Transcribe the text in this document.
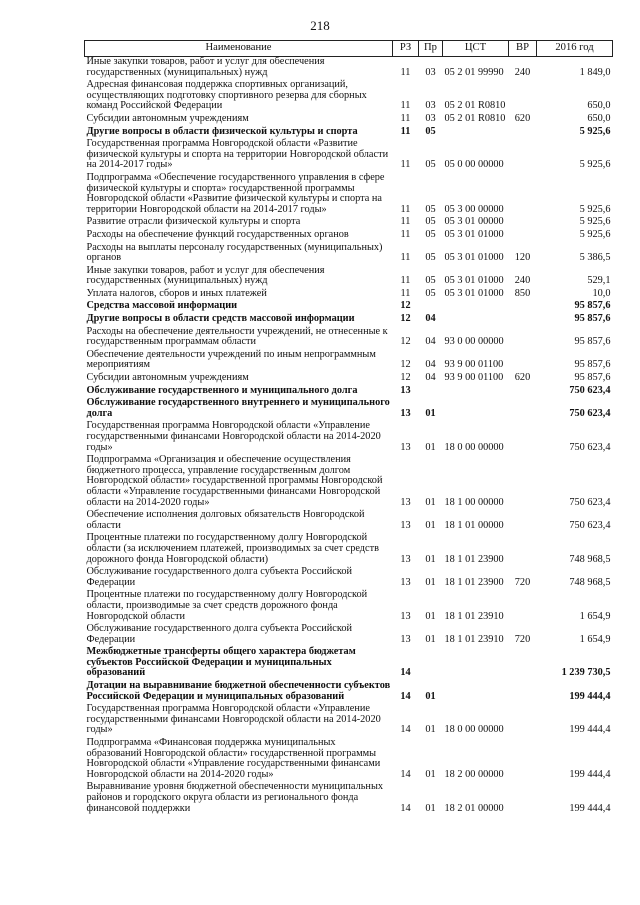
218
Наименование	РЗ	Пр	ЦСТ	ВР	2016 год
Иные закупки товаров, работ и услуг для обеспечения государственных (муниципальных) нужд	11	03	05 2 01 99990	240	1 849,0
Адресная финансовая поддержка спортивных организаций, осуществляющих подготовку спортивного резерва для сборных команд Российской Федерации	11	03	05 2 01 R0810		650,0
Субсидии автономным учреждениям	11	03	05 2 01 R0810	620	650,0
Другие вопросы в области физической культуры и спорта	11	05			5 925,6
Государственная программа Новгородской области «Развитие физической культуры и спорта на территории Новгородской области на 2014-2017 годы»	11	05	05 0 00 00000		5 925,6
Подпрограмма «Обеспечение государственного управления в сфере физической культуры и спорта» государственной программы Новгородской области «Развитие физической культуры и спорта на территории Новгородской области на 2014-2017 годы»	11	05	05 3 00 00000		5 925,6
Развитие отрасли физической культуры и спорта	11	05	05 3 01 00000		5 925,6
Расходы на обеспечение функций государственных органов	11	05	05 3 01 01000		5 925,6
Расходы на выплаты персоналу государственных (муниципальных) органов	11	05	05 3 01 01000	120	5 386,5
Иные закупки товаров, работ и услуг для обеспечения государственных (муниципальных) нужд	11	05	05 3 01 01000	240	529,1
Уплата налогов, сборов и иных платежей	11	05	05 3 01 01000	850	10,0
Средства массовой информации	12				95 857,6
Другие вопросы в области средств массовой информации	12	04			95 857,6
Расходы на обеспечение деятельности учреждений, не отнесенные к государственным программам области	12	04	93 0 00 00000		95 857,6
Обеспечение деятельности учреждений по иным непрограммным мероприятиям	12	04	93 9 00 01100		95 857,6
Субсидии автономным учреждениям	12	04	93 9 00 01100	620	95 857,6
Обслуживание государственного и муниципального долга	13				750 623,4
Обслуживание государственного внутреннего и муниципального долга	13	01			750 623,4
Государственная программа Новгородской области «Управление государственными финансами Новгородской области на 2014-2020 годы»	13	01	18 0 00 00000		750 623,4
Подпрограмма «Организация и обеспечение осуществления бюджетного процесса, управление государственным долгом Новгородской области» государственной программы Новгородской области «Управление государственными финансами Новгородской области на 2014-2020 годы»	13	01	18 1 00 00000		750 623,4
Обеспечение исполнения долговых обязательств Новгородской области	13	01	18 1 01 00000		750 623,4
Процентные платежи по государственному долгу Новгородской области (за исключением платежей, производимых за счет средств дорожного фонда Новгородской области)	13	01	18 1 01 23900		748 968,5
Обслуживание государственного долга субъекта Российской Федерации	13	01	18 1 01 23900	720	748 968,5
Процентные платежи по государственному долгу Новгородской области, производимые за счет средств дорожного фонда Новгородской области	13	01	18 1 01 23910		1 654,9
Обслуживание государственного долга субъекта Российской Федерации	13	01	18 1 01 23910	720	1 654,9
Межбюджетные трансферты общего характера бюджетам субъектов Российской Федерации и муниципальных образований	14				1 239 730,5
Дотации на выравнивание бюджетной обеспеченности субъектов Российской Федерации и муниципальных образований	14	01			199 444,4
Государственная программа Новгородской области «Управление государственными финансами Новгородской области на 2014-2020 годы»	14	01	18 0 00 00000		199 444,4
Подпрограмма «Финансовая поддержка муниципальных образований Новгородской области» государственной программы Новгородской области «Управление государственными финансами Новгородской области на 2014-2020 годы»	14	01	18 2 00 00000		199 444,4
Выравнивание уровня бюджетной обеспеченности муниципальных районов и городского округа области из регионального фонда финансовой поддержки	14	01	18 2 01 00000		199 444,4
